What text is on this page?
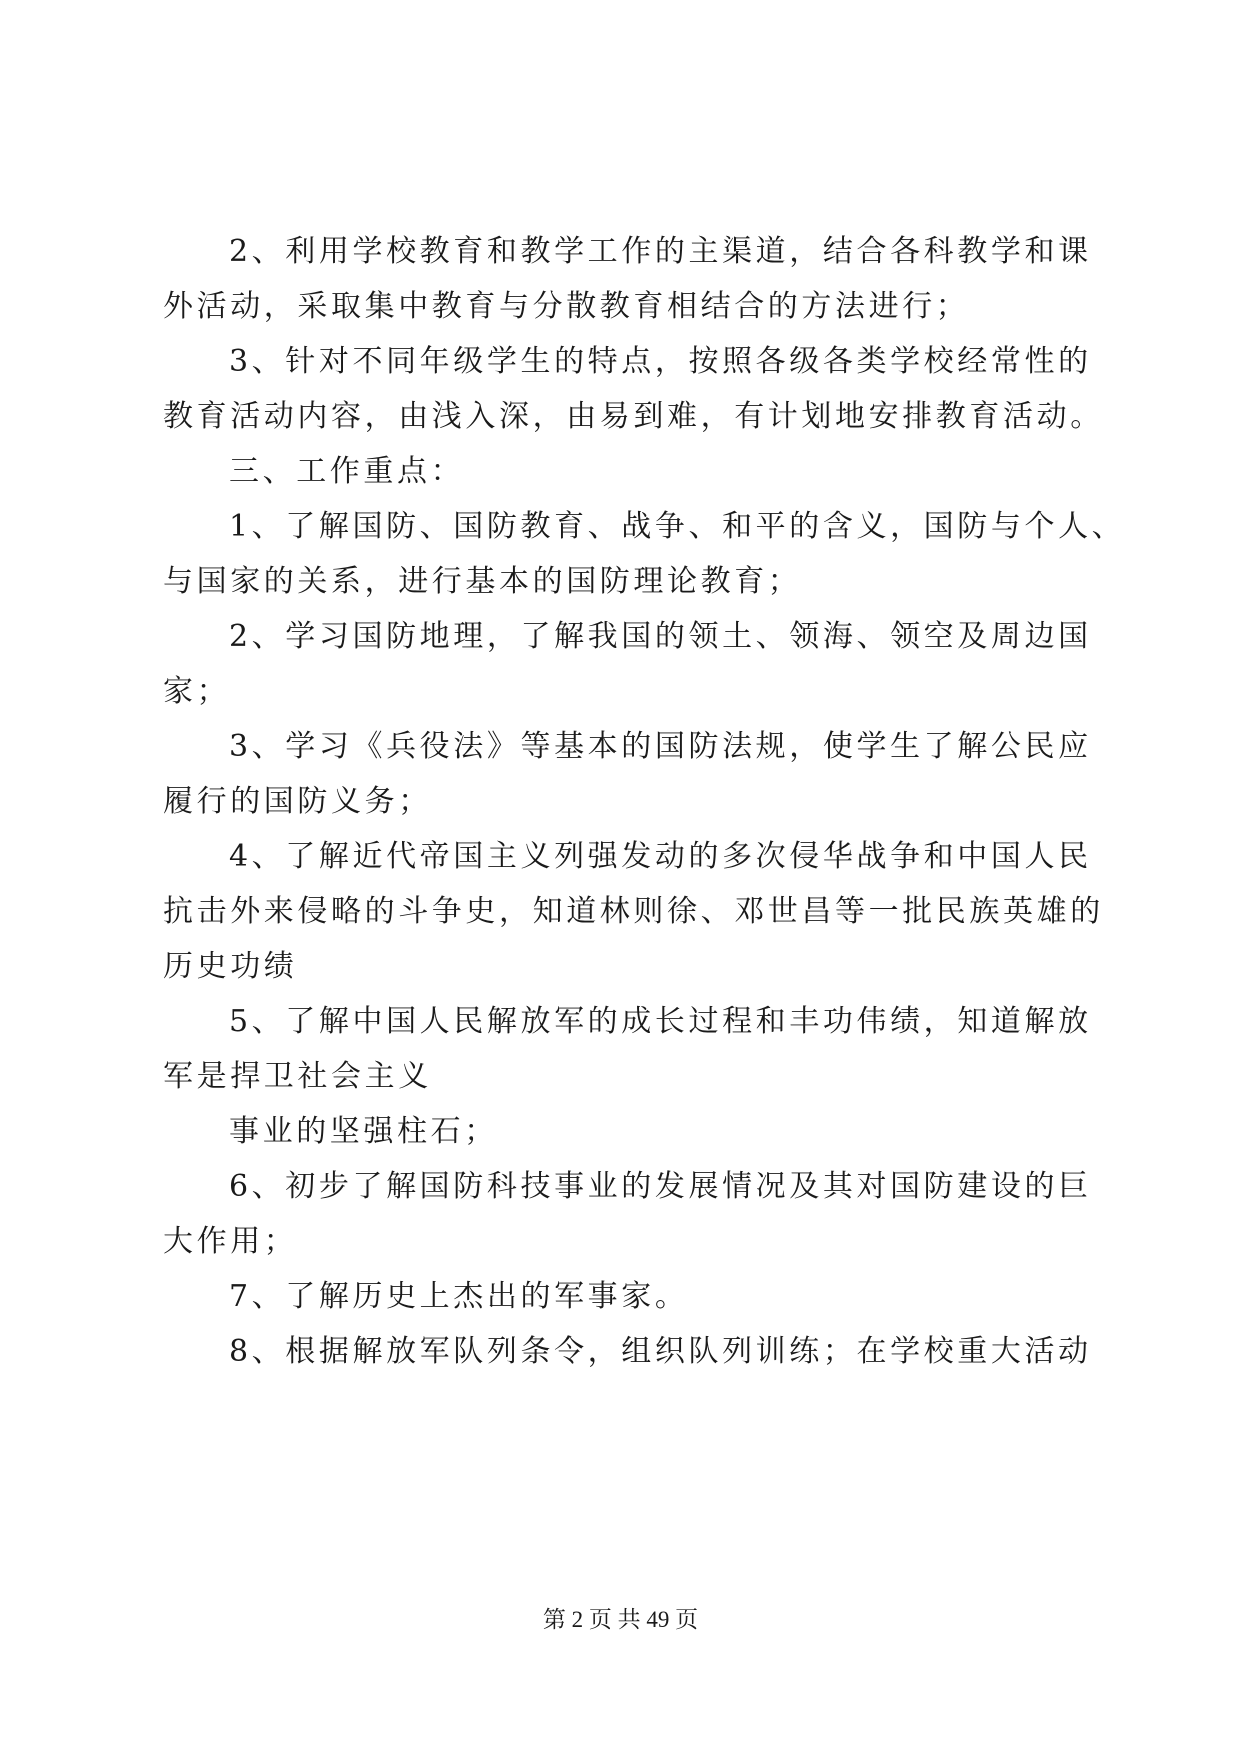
2、利用学校教育和教学工作的主渠道，结合各科教学和课
外活动，采取集中教育与分散教育相结合的方法进行；
3、针对不同年级学生的特点，按照各级各类学校经常性的
教育活动内容，由浅入深，由易到难，有计划地安排教育活动。
三、工作重点：
1、了解国防、国防教育、战争、和平的含义，国防与个人、
与国家的关系，进行基本的国防理论教育；
2、学习国防地理，了解我国的领土、领海、领空及周边国
家；
3、学习《兵役法》等基本的国防法规，使学生了解公民应
履行的国防义务；
4、了解近代帝国主义列强发动的多次侵华战争和中国人民
抗击外来侵略的斗争史，知道林则徐、邓世昌等一批民族英雄的
历史功绩
5、了解中国人民解放军的成长过程和丰功伟绩，知道解放
军是捍卫社会主义
事业的坚强柱石；
6、初步了解国防科技事业的发展情况及其对国防建设的巨
大作用；
7、了解历史上杰出的军事家。
8、根据解放军队列条令，组织队列训练；在学校重大活动
第 2 页 共 49 页
